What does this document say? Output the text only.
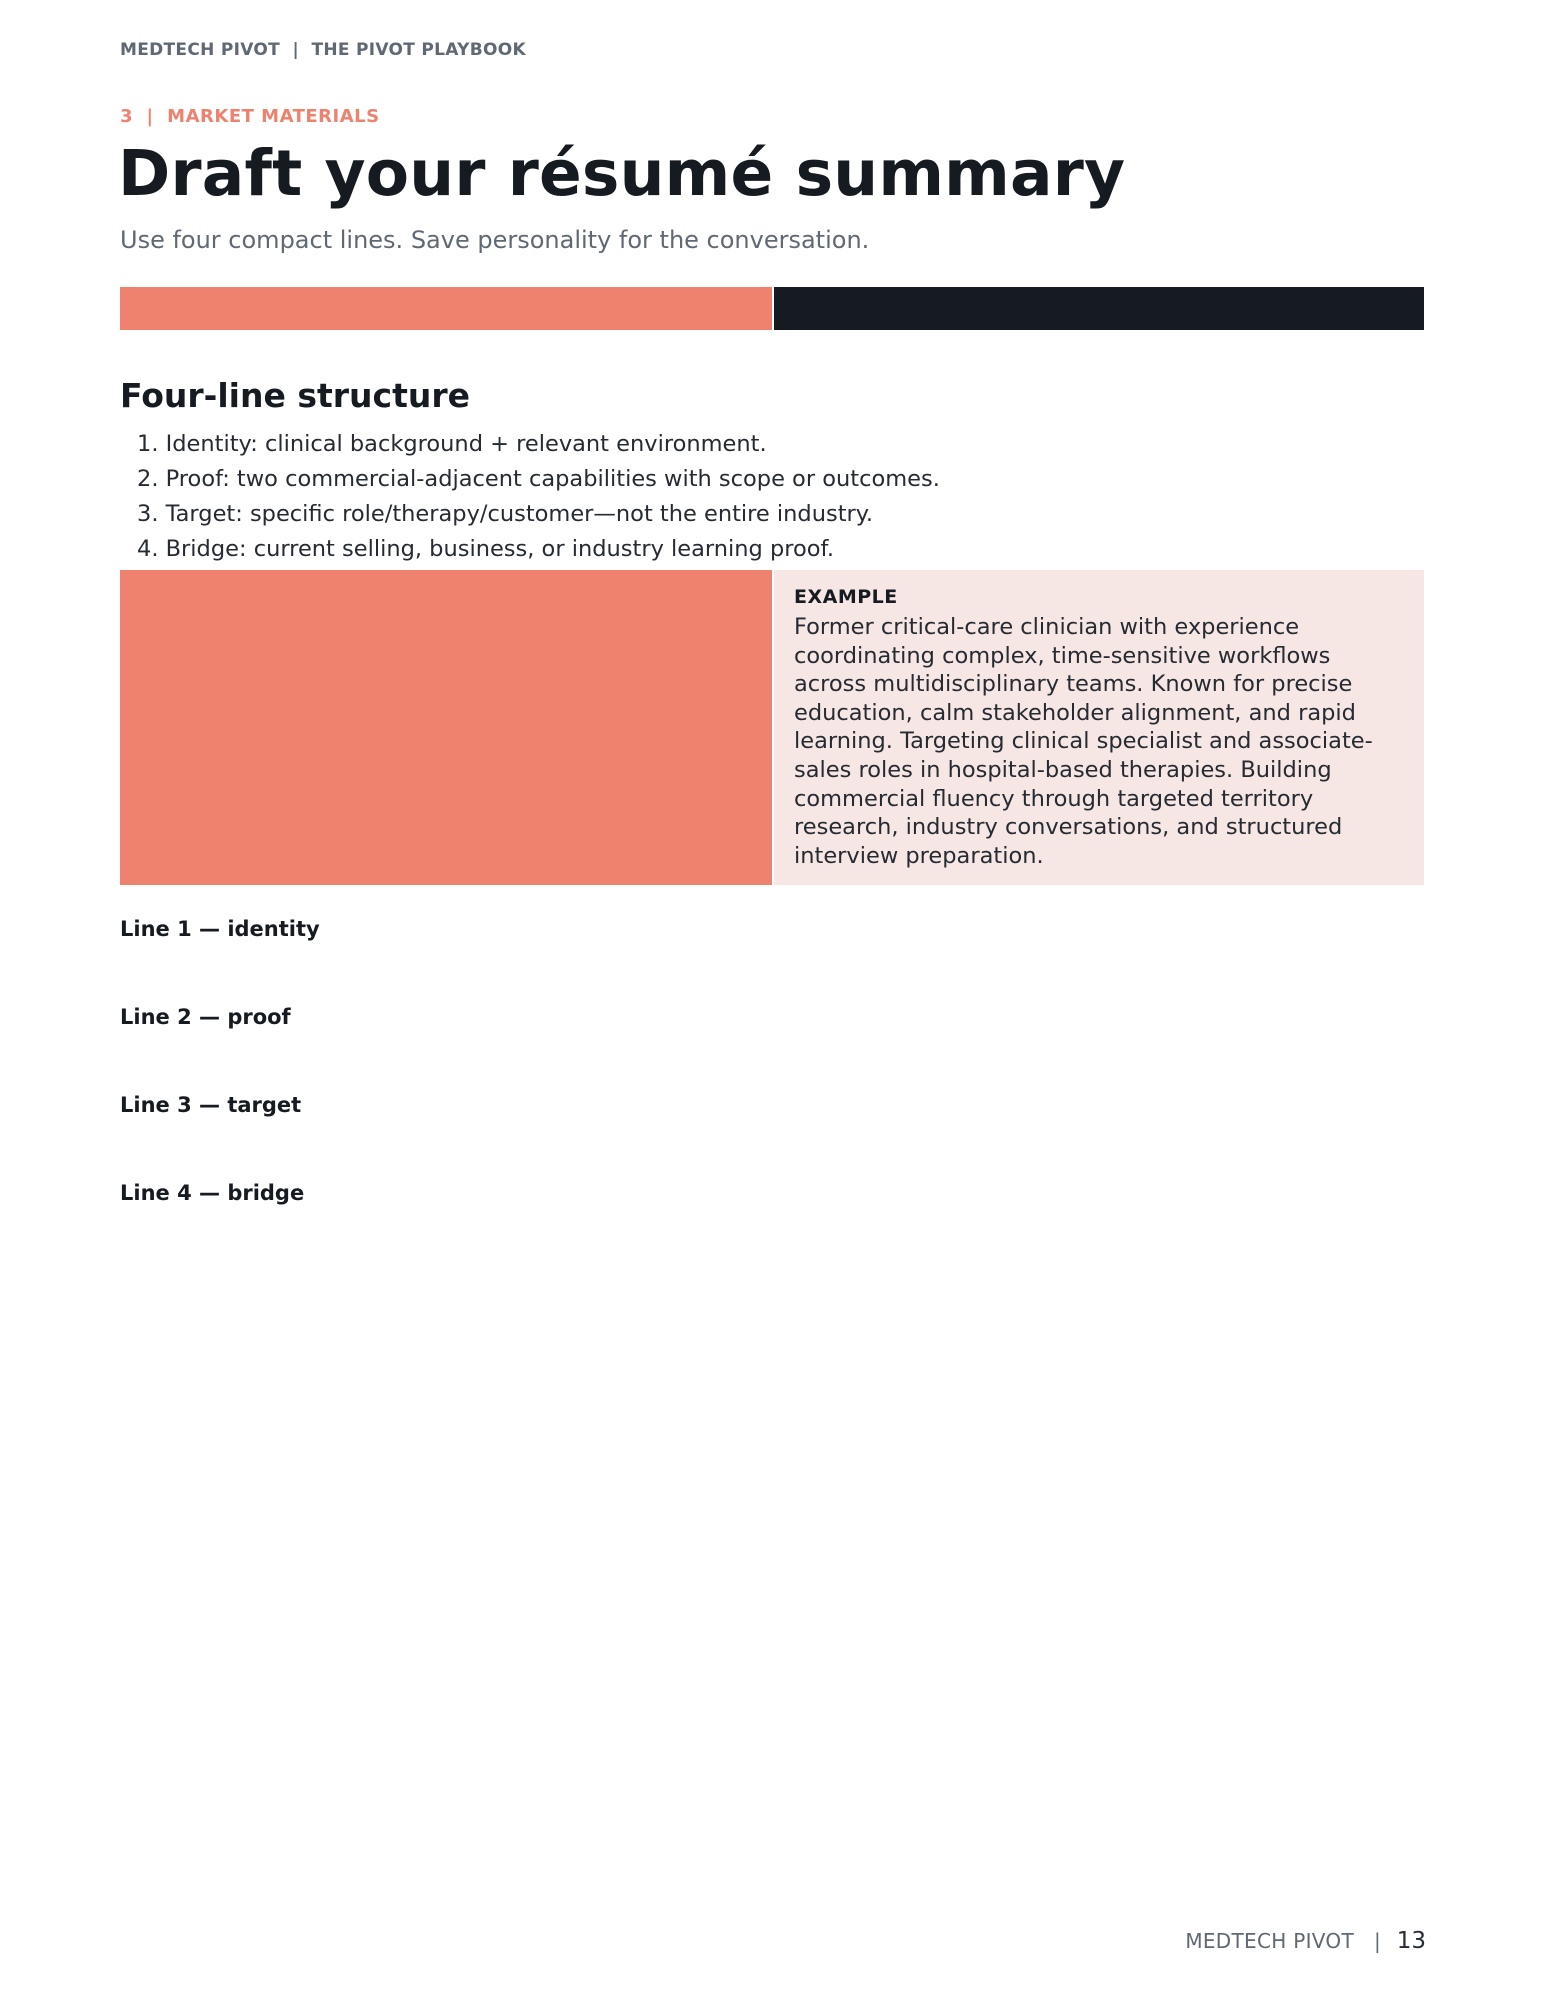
MEDTECH PIVOT  |  THE PIVOT PLAYBOOK
3  |  MARKET MATERIALS
Draft your résumé summary

Use four compact lines. Save personality for the conversation.

Four-line structure
1. Identity: clinical background + relevant environment.
2. Proof: two commercial-adjacent capabilities with scope or outcomes.
3. Target: specific role/therapy/customer—not the entire industry.
4. Bridge: current selling, business, or industry learning proof.
EXAMPLE

Former critical-care clinician with experience coordinating complex, time-sensitive workflows across multidisciplinary teams. Known for precise education, calm stakeholder alignment, and rapid learning. Targeting clinical specialist and associate-sales roles in hospital-based therapies. Building commercial fluency through targeted territory research, industry conversations, and structured interview preparation.

Line 1 — identity
Line 2 — proof
Line 3 — target
Line 4 — bridge
MEDTECH PIVOT | 13
